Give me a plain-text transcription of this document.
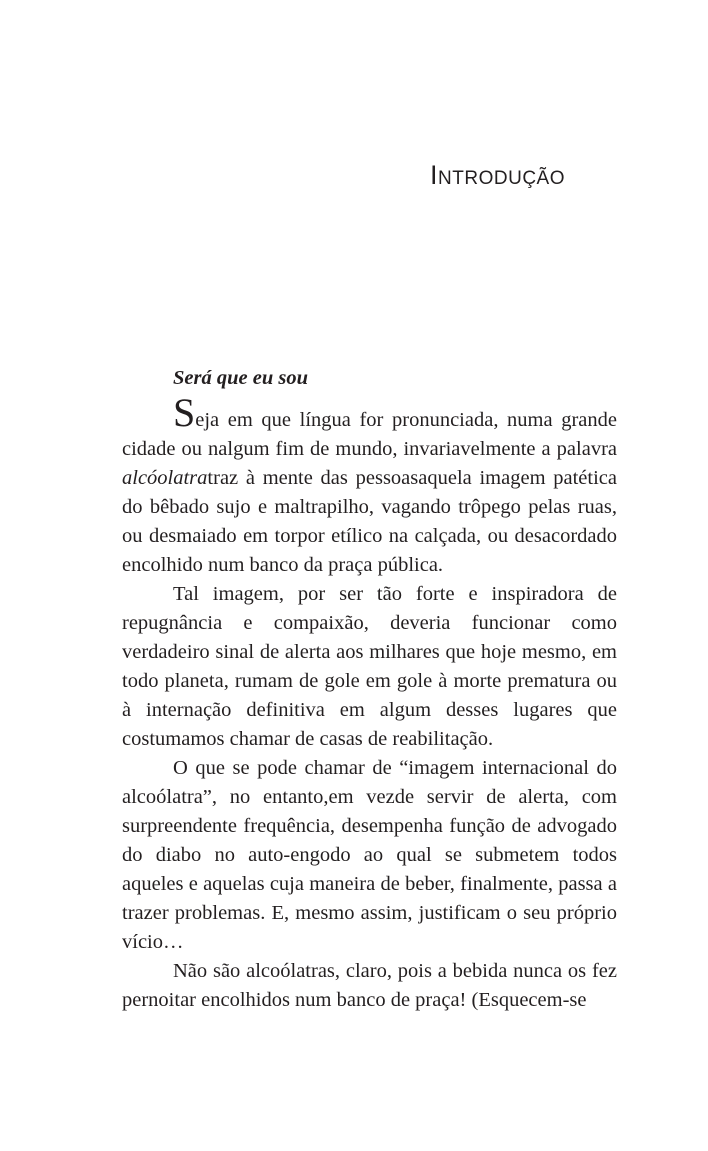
Introdução
Será que eu sou

Seja em que língua for pronunciada, numa grande cidade ou nalgum fim de mundo, invariavelmente a palavra alcóolatratraz à mente das pessoasaquela imagem patética do bêbado sujo e maltrapilho, vagando trôpego pelas ruas, ou desmaiado em torpor etílico na calçada, ou desacordado encolhido num banco da praça pública.

Tal imagem, por ser tão forte e inspiradora de repugnância e compaixão, deveria funcionar como verdadeiro sinal de alerta aos milhares que hoje mesmo, em todo planeta, rumam de gole em gole à morte prematura ou à internação definitiva em algum desses lugares que costumamos chamar de casas de reabilitação.

O que se pode chamar de “imagem internacional do alcoólatra”, no entanto,em vezde servir de alerta, com surpreendente frequência, desempenha função de advogado do diabo no auto-engodo ao qual se submetem todos aqueles e aquelas cuja maneira de beber, finalmente, passa a trazer problemas. E, mesmo assim, justificam o seu próprio vício…

Não são alcoólatras, claro, pois a bebida nunca os fez pernoitar encolhidos num banco de praça! (Esquecem-se
